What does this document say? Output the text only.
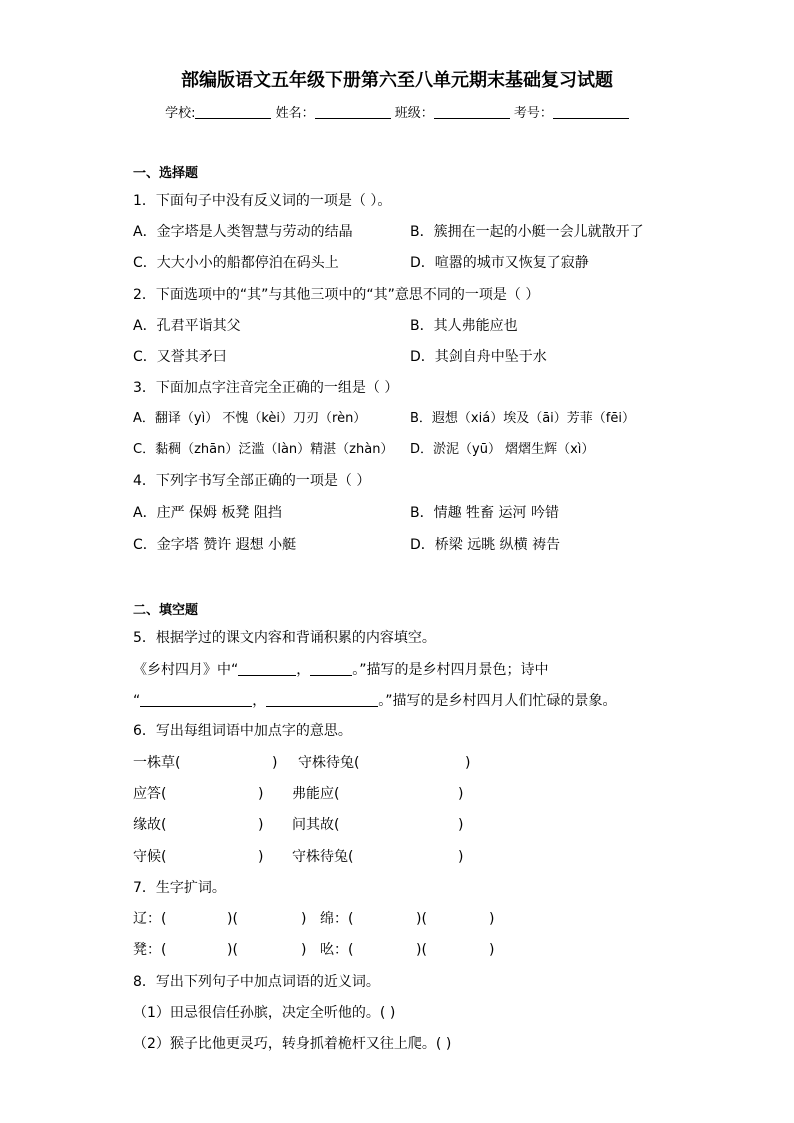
部编版语文五年级下册第六至八单元期末基础复习试题
学校:	姓名：	班级：	考号：
一、选择题
1．下面句子中没有反义词的一项是（ ）。
A．金字塔是人类智慧与劳动的结晶	B．簇拥在一起的小艇一会儿就散开了
C．大大小小的船都停泊在码头上	D．喧嚣的城市又恢复了寂静
2．下面选项中的“其”与其他三项中的“其”意思不同的一项是（ ）
A．孔君平诣其父	B．其人弗能应也
C．又誉其矛曰	D．其剑自舟中坠于水
3．下面加点字注音完全正确的一组是（ ）
A．翻译（yì） 不愧（kèi）刀刃（rèn）	B．遐想（xiá）埃及（āi）芳菲（fēi）
C．黏稠（zhān）泛滥（làn）精湛（zhàn） D．淤泥（yū） 熠熠生辉（xì）
4．下列字书写全部正确的一项是（ ）
A．庄严 保姆 板凳 阻挡	B．情趣 牲畜 运河 吟错
C．金字塔 赞许 遐想 小艇	D．桥梁 远眺 纵横 祷告
二、填空题
5．根据学过的课文内容和背诵积累的内容填空。
《乡村四月》中“	，	。”描写的是乡村四月景色；诗中
“	，	。”描写的是乡村四月人们忙碌的景象。
6．写出每组词语中加点字的意思。
一株草(	) 守株待兔(	)
应答(	) 弗能应(	)
缘故(	) 问其故(	)
守候(	) 守株待兔(	)
7．生字扩词。
辽：(	)(	) 绵：(	)(	)
凳：(	)(	) 吆：(	)(	)
8．写出下列句子中加点词语的近义词。
（1）田忌很信任孙膑，决定全听他的。( )
（2）猴子比他更灵巧，转身抓着桅杆又往上爬。( )
